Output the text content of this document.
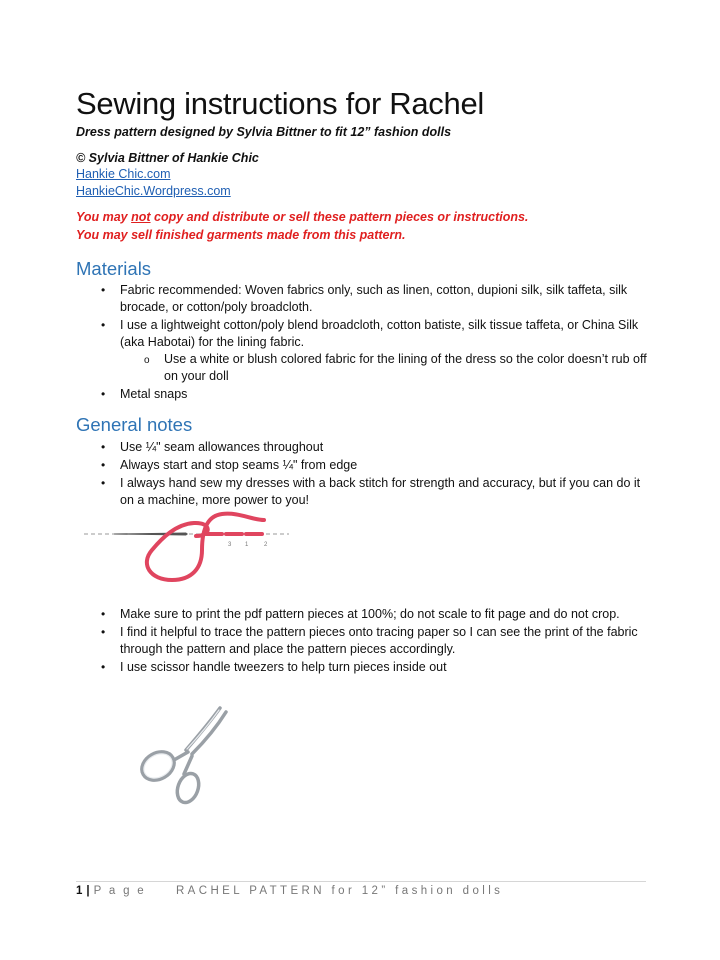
Sewing instructions for Rachel

Dress pattern designed by Sylvia Bittner to fit 12” fashion dolls

© Sylvia Bittner of Hankie Chic

Hankie Chic.com
HankieChic.Wordpress.com

You may not copy and distribute or sell these pattern pieces or instructions.

You may sell finished garments made from this pattern.

Materials
• Fabric recommended: Woven fabrics only, such as linen, cotton, dupioni silk, silk taffeta, silk brocade, or cotton/poly broadcloth.
• I use a lightweight cotton/poly blend broadcloth, cotton batiste, silk tissue taffeta, or China Silk (aka Habotai) for the lining fabric.
o Use a white or blush colored fabric for the lining of the dress so the color doesn’t rub off on your doll
• Metal snaps
General notes
• Use ¼" seam allowances throughout
• Always start and stop seams ¼" from edge
• I always hand sew my dresses with a back stitch for strength and accuracy, but if you can do it on a machine, more power to you!
3 1	2
• Make sure to print the pdf pattern pieces at 100%; do not scale to fit page and do not crop.
• I find it helpful to trace the pattern pieces onto tracing paper so I can see the print of the fabric through the pattern and place the pattern pieces accordingly.
• I use scissor handle tweezers to help turn pieces inside out
1 | P a g e	RACHEL PATTERN for 12” fashion dolls
